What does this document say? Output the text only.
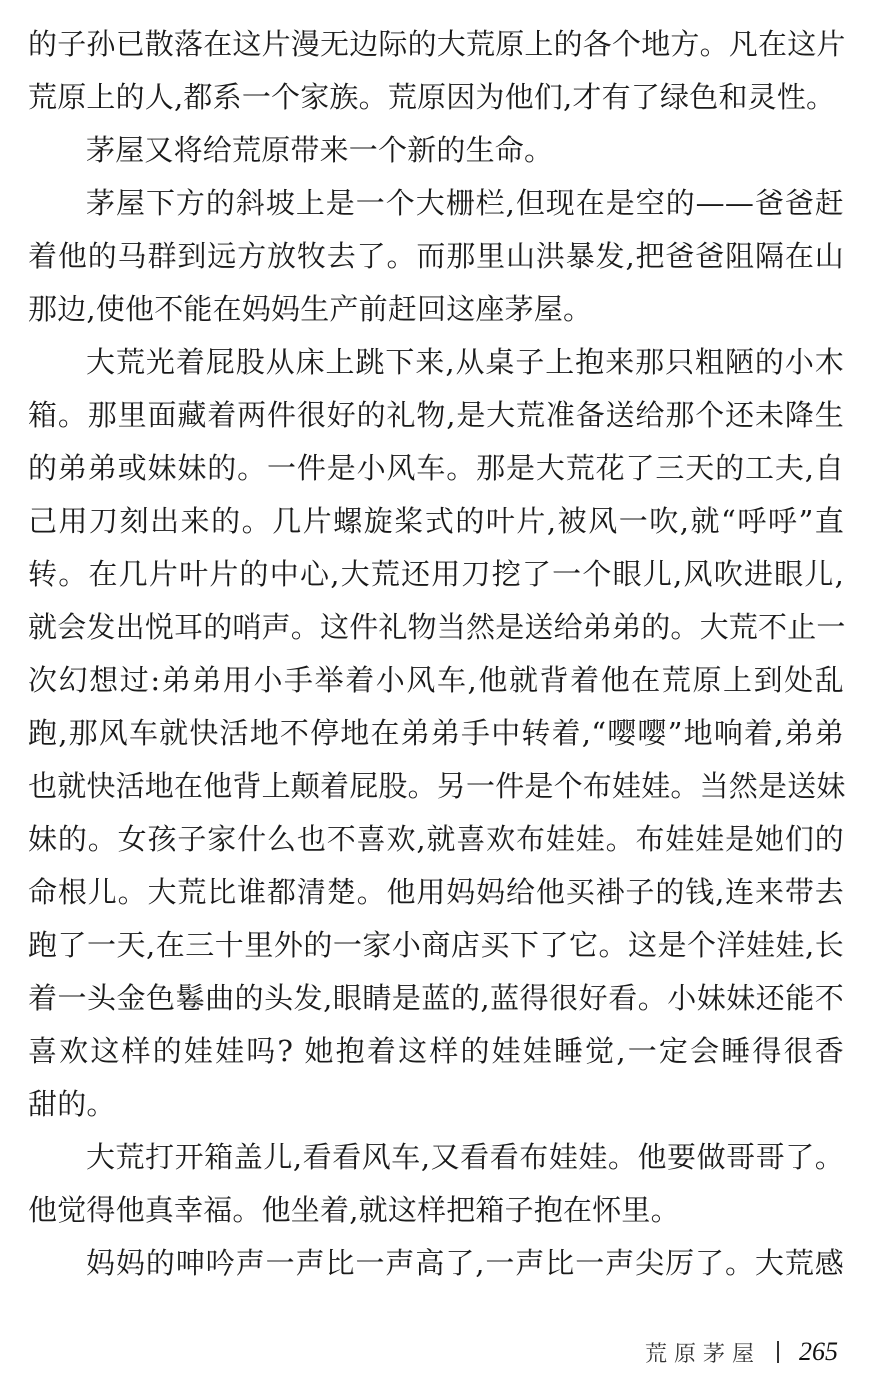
的子孙已散落在这片漫无边际的大荒原上的各个地方。凡在这片
荒原上的人,都系一个家族。荒原因为他们,才有了绿色和灵性。
茅屋又将给荒原带来一个新的生命。
茅屋下方的斜坡上是一个大栅栏,但现在是空的——爸爸赶
着他的马群到远方放牧去了。而那里山洪暴发,把爸爸阻隔在山
那边,使他不能在妈妈生产前赶回这座茅屋。
大荒光着屁股从床上跳下来,从桌子上抱来那只粗陋的小木
箱。那里面藏着两件很好的礼物,是大荒准备送给那个还未降生
的弟弟或妹妹的。一件是小风车。那是大荒花了三天的工夫,自
己用刀刻出来的。几片螺旋桨式的叶片,被风一吹,就“呼呼”直
转。在几片叶片的中心,大荒还用刀挖了一个眼儿,风吹进眼儿,
就会发出悦耳的哨声。这件礼物当然是送给弟弟的。大荒不止一
次幻想过:弟弟用小手举着小风车,他就背着他在荒原上到处乱
跑,那风车就快活地不停地在弟弟手中转着,“嘤嘤”地响着,弟弟
也就快活地在他背上颠着屁股。另一件是个布娃娃。当然是送妹
妹的。女孩子家什么也不喜欢,就喜欢布娃娃。布娃娃是她们的
命根儿。大荒比谁都清楚。他用妈妈给他买褂子的钱,连来带去
跑了一天,在三十里外的一家小商店买下了它。这是个洋娃娃,长
着一头金色鬈曲的头发,眼睛是蓝的,蓝得很好看。小妹妹还能不
喜欢这样的娃娃吗? 她抱着这样的娃娃睡觉,一定会睡得很香
甜的。
大荒打开箱盖儿,看看风车,又看看布娃娃。他要做哥哥了。
他觉得他真幸福。他坐着,就这样把箱子抱在怀里。
妈妈的呻吟声一声比一声高了,一声比一声尖厉了。大荒感
荒原茅屋 265
